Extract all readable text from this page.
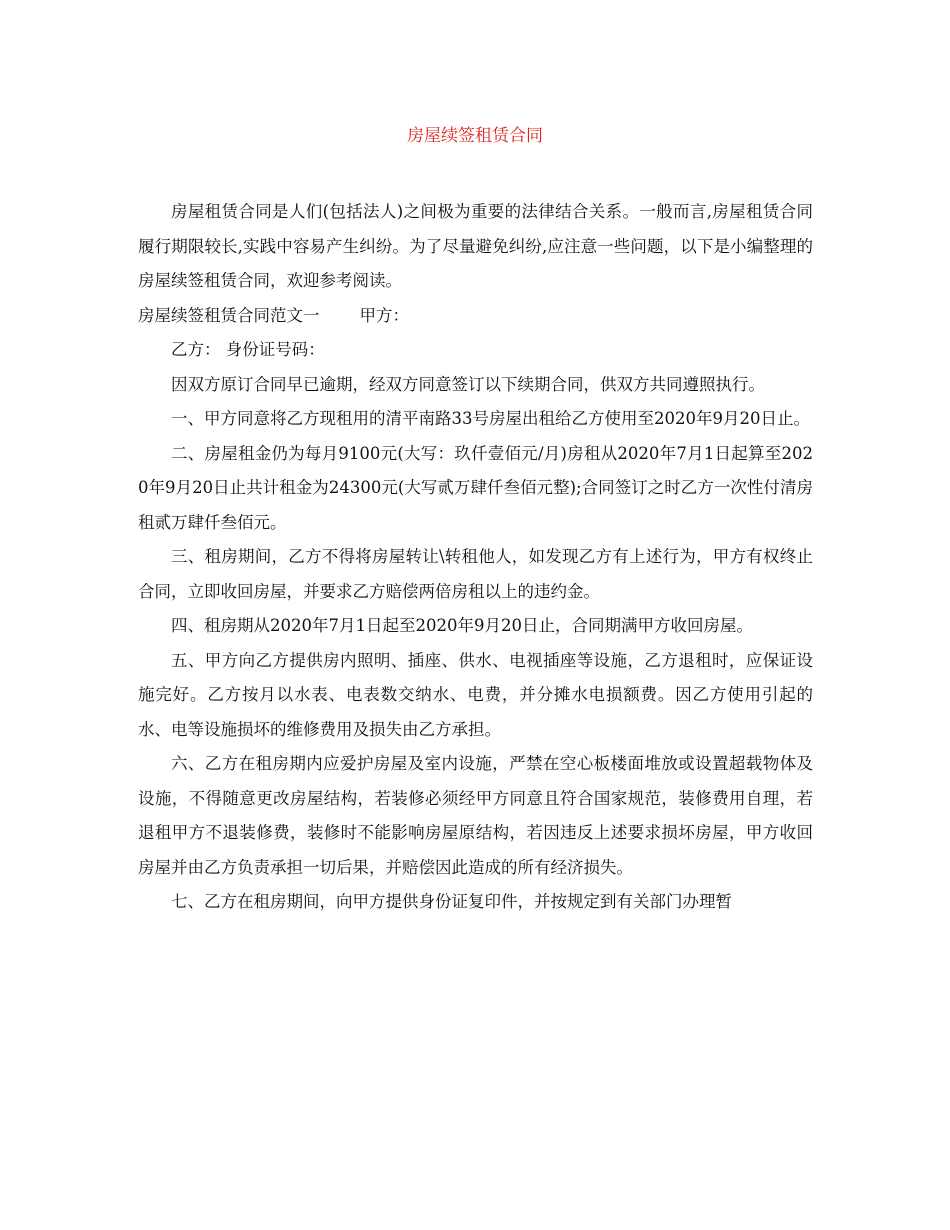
房屋续签租赁合同

房屋租赁合同是人们(包括法人)之间极为重要的法律结合关系。一般而言,房屋租赁合同履行期限较长,实践中容易产生纠纷。为了尽量避免纠纷,应注意一些问题，以下是小编整理的房屋续签租赁合同，欢迎参考阅读。

房屋续签租赁合同范文一 甲方：

乙方： 身份证号码：

因双方原订合同早已逾期，经双方同意签订以下续期合同，供双方共同遵照执行。

一、甲方同意将乙方现租用的清平南路33号房屋出租给乙方使用至2020年9月20日止。

二、房屋租金仍为每月9100元(大写：玖仟壹佰元/月)房租从2020年7月1日起算至2020年9月20日止共计租金为24300元(大写贰万肆仟叁佰元整);合同签订之时乙方一次性付清房租贰万肆仟叁佰元。

三、租房期间，乙方不得将房屋转让\转租他人，如发现乙方有上述行为，甲方有权终止合同，立即收回房屋，并要求乙方赔偿两倍房租以上的违约金。

四、租房期从2020年7月1日起至2020年9月20日止，合同期满甲方收回房屋。

五、甲方向乙方提供房内照明、插座、供水、电视插座等设施，乙方退租时，应保证设施完好。乙方按月以水表、电表数交纳水、电费，并分摊水电损额费。因乙方使用引起的水、电等设施损坏的维修费用及损失由乙方承担。

六、乙方在租房期内应爱护房屋及室内设施，严禁在空心板楼面堆放或设置超载物体及设施，不得随意更改房屋结构，若装修必须经甲方同意且符合国家规范，装修费用自理，若退租甲方不退装修费，装修时不能影响房屋原结构，若因违反上述要求损坏房屋，甲方收回房屋并由乙方负责承担一切后果，并赔偿因此造成的所有经济损失。

七、乙方在租房期间，向甲方提供身份证复印件，并按规定到有关部门办理暂
